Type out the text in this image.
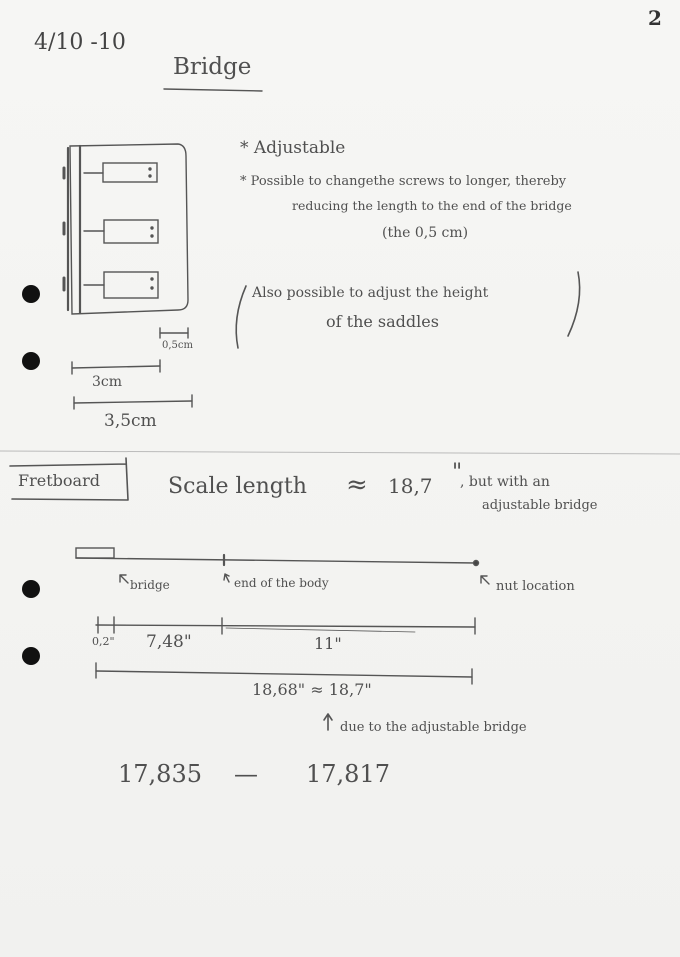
2
4/10 -10
Bridge
* Adjustable
* Possible to changethe screws to longer, thereby
reducing the length to the end of the bridge
(the 0,5 cm)
Also possible to adjust the height
of the saddles
0,5cm
3cm
3,5cm
Fretboard	Scale length ≈ 18,7
"
, but with an
adjustable bridge
bridge	end of the body	nut location
0,2" 7,48"	11"
18,68" ≈ 18,7"
due to the adjustable bridge
17,835 — 17,817
